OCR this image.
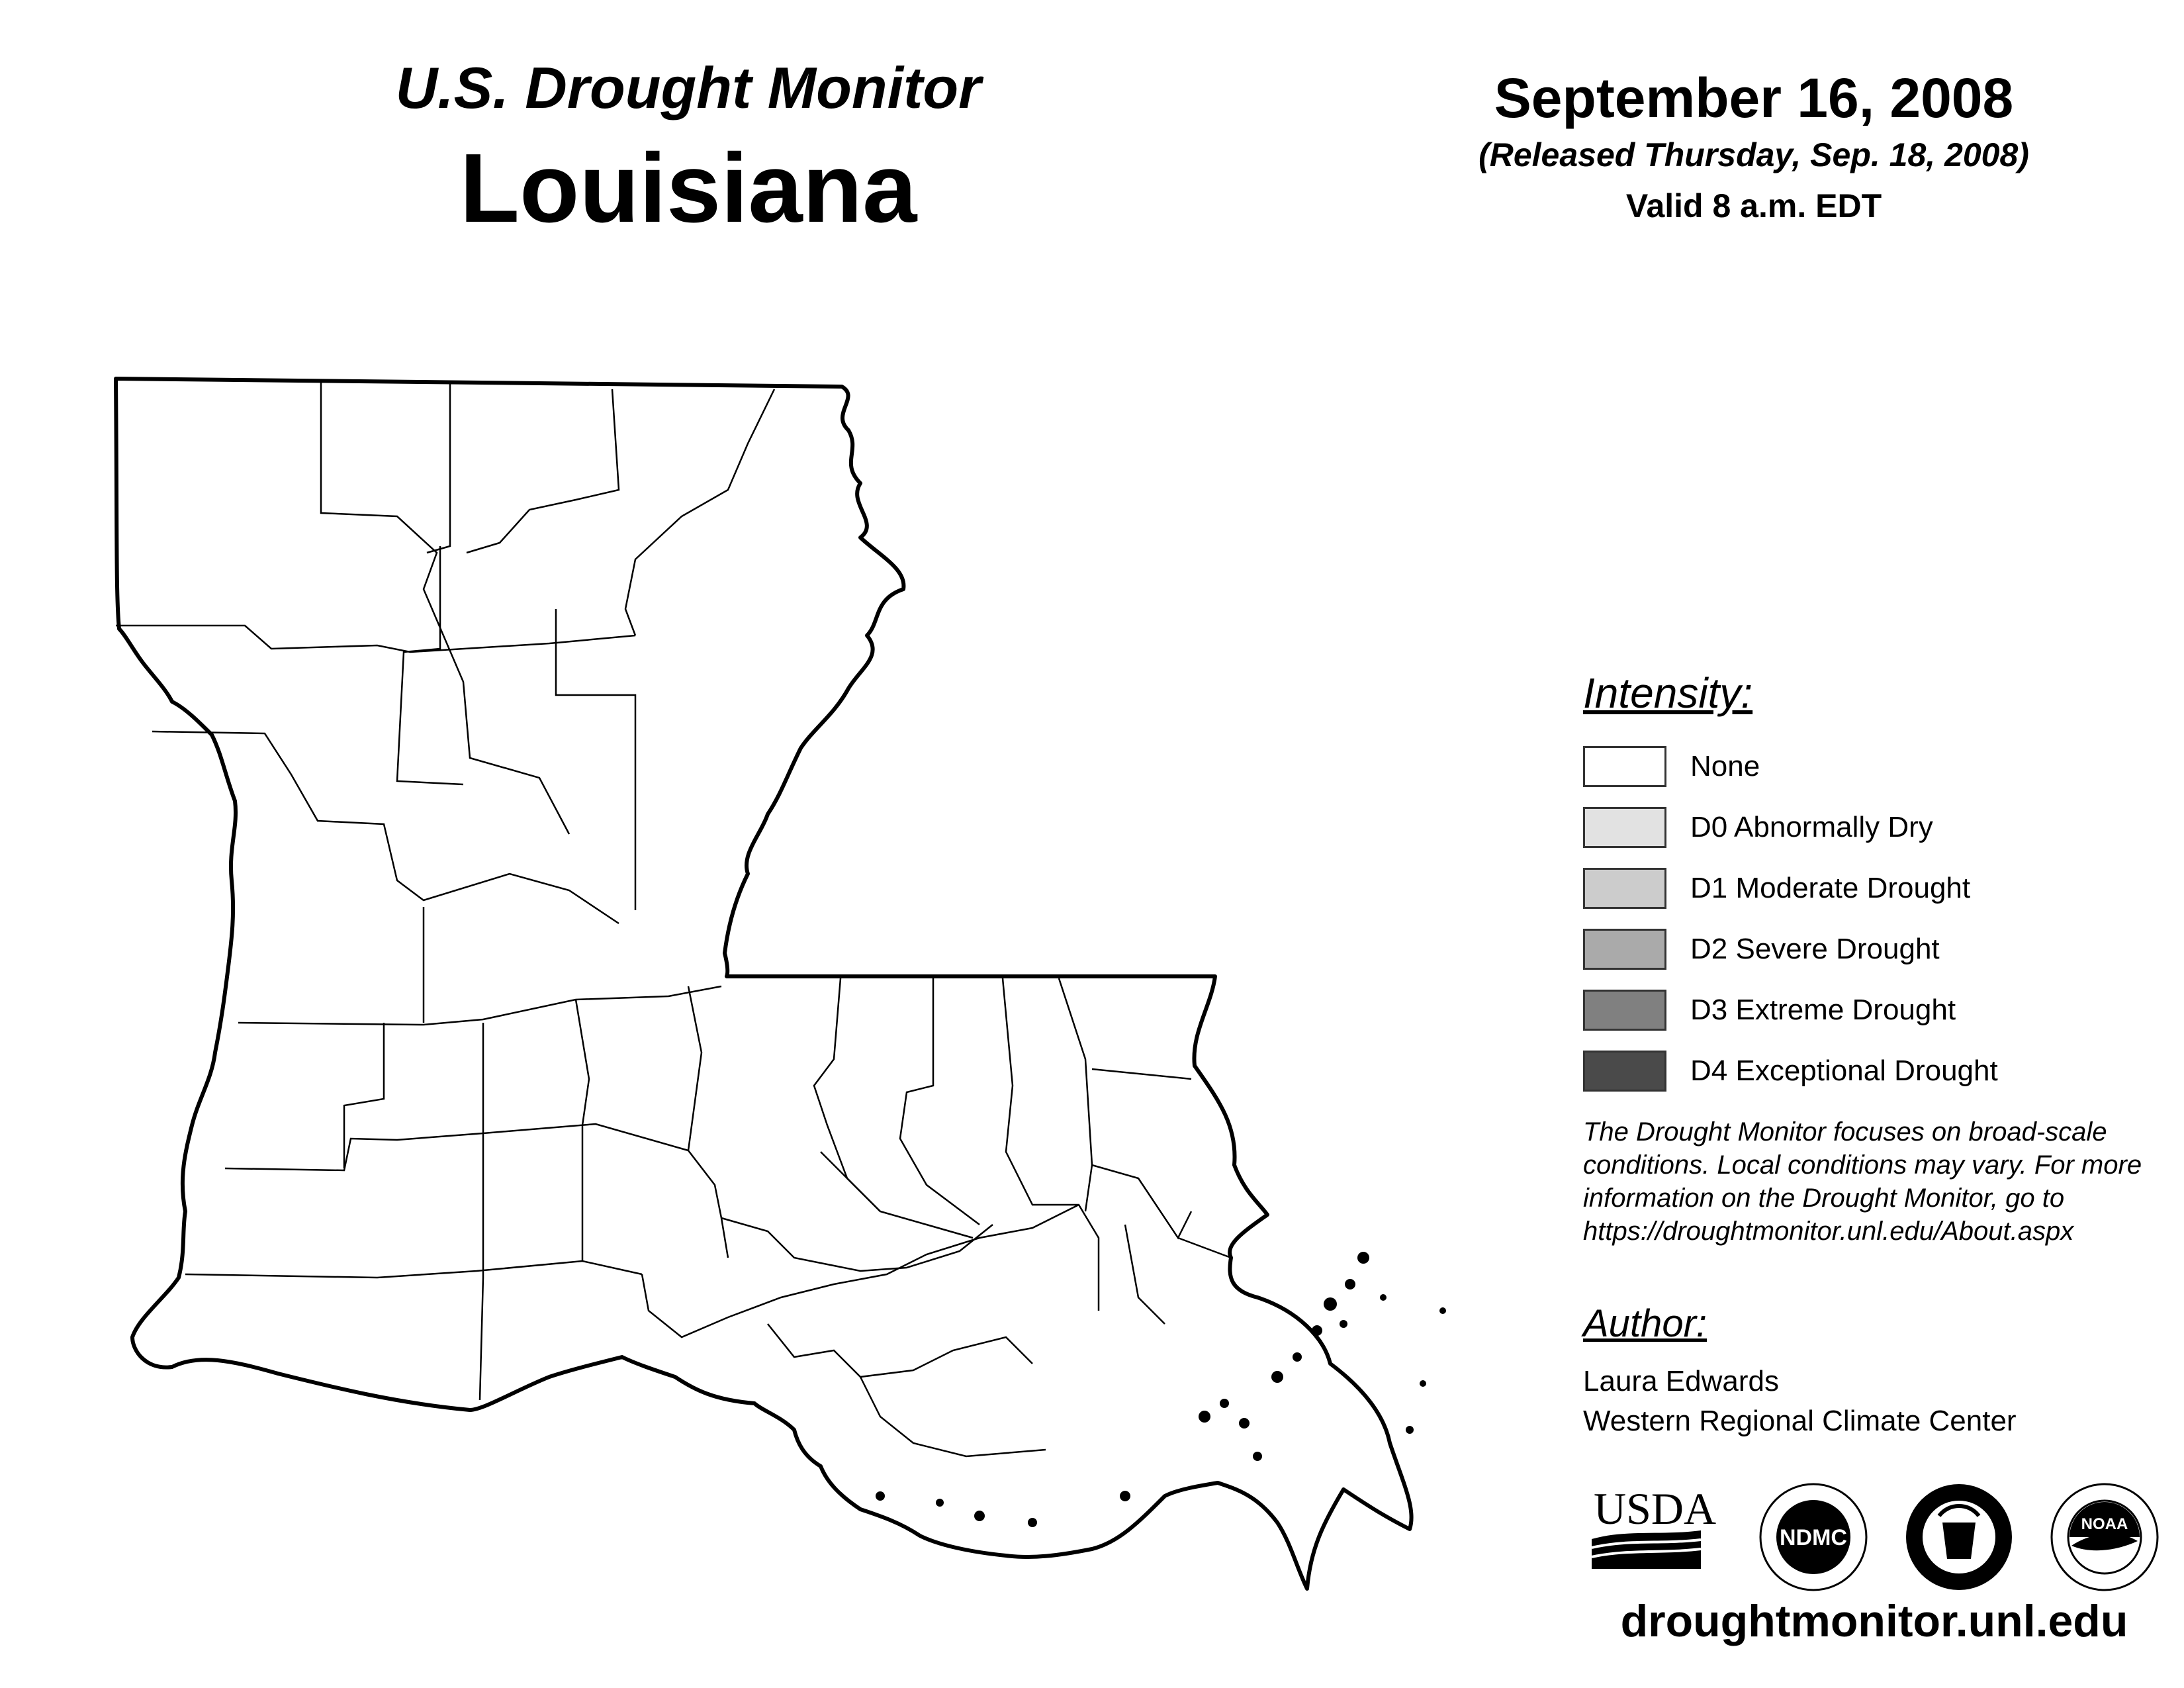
U.S. Drought Monitor
Louisiana
September 16, 2008
(Released Thursday, Sep. 18, 2008)
Valid 8 a.m. EDT
Intensity:
None
D0 Abnormally Dry
D1 Moderate Drought
D2 Severe Drought
D3 Extreme Drought
D4 Exceptional Drought
The Drought Monitor focuses on broad-scale
conditions. Local conditions may vary. For more
information on the Drought Monitor, go to
https://droughtmonitor.unl.edu/About.aspx
Author:
Laura Edwards
Western Regional Climate Center
USDA
NDMC
NOAA
droughtmonitor.unl.edu
